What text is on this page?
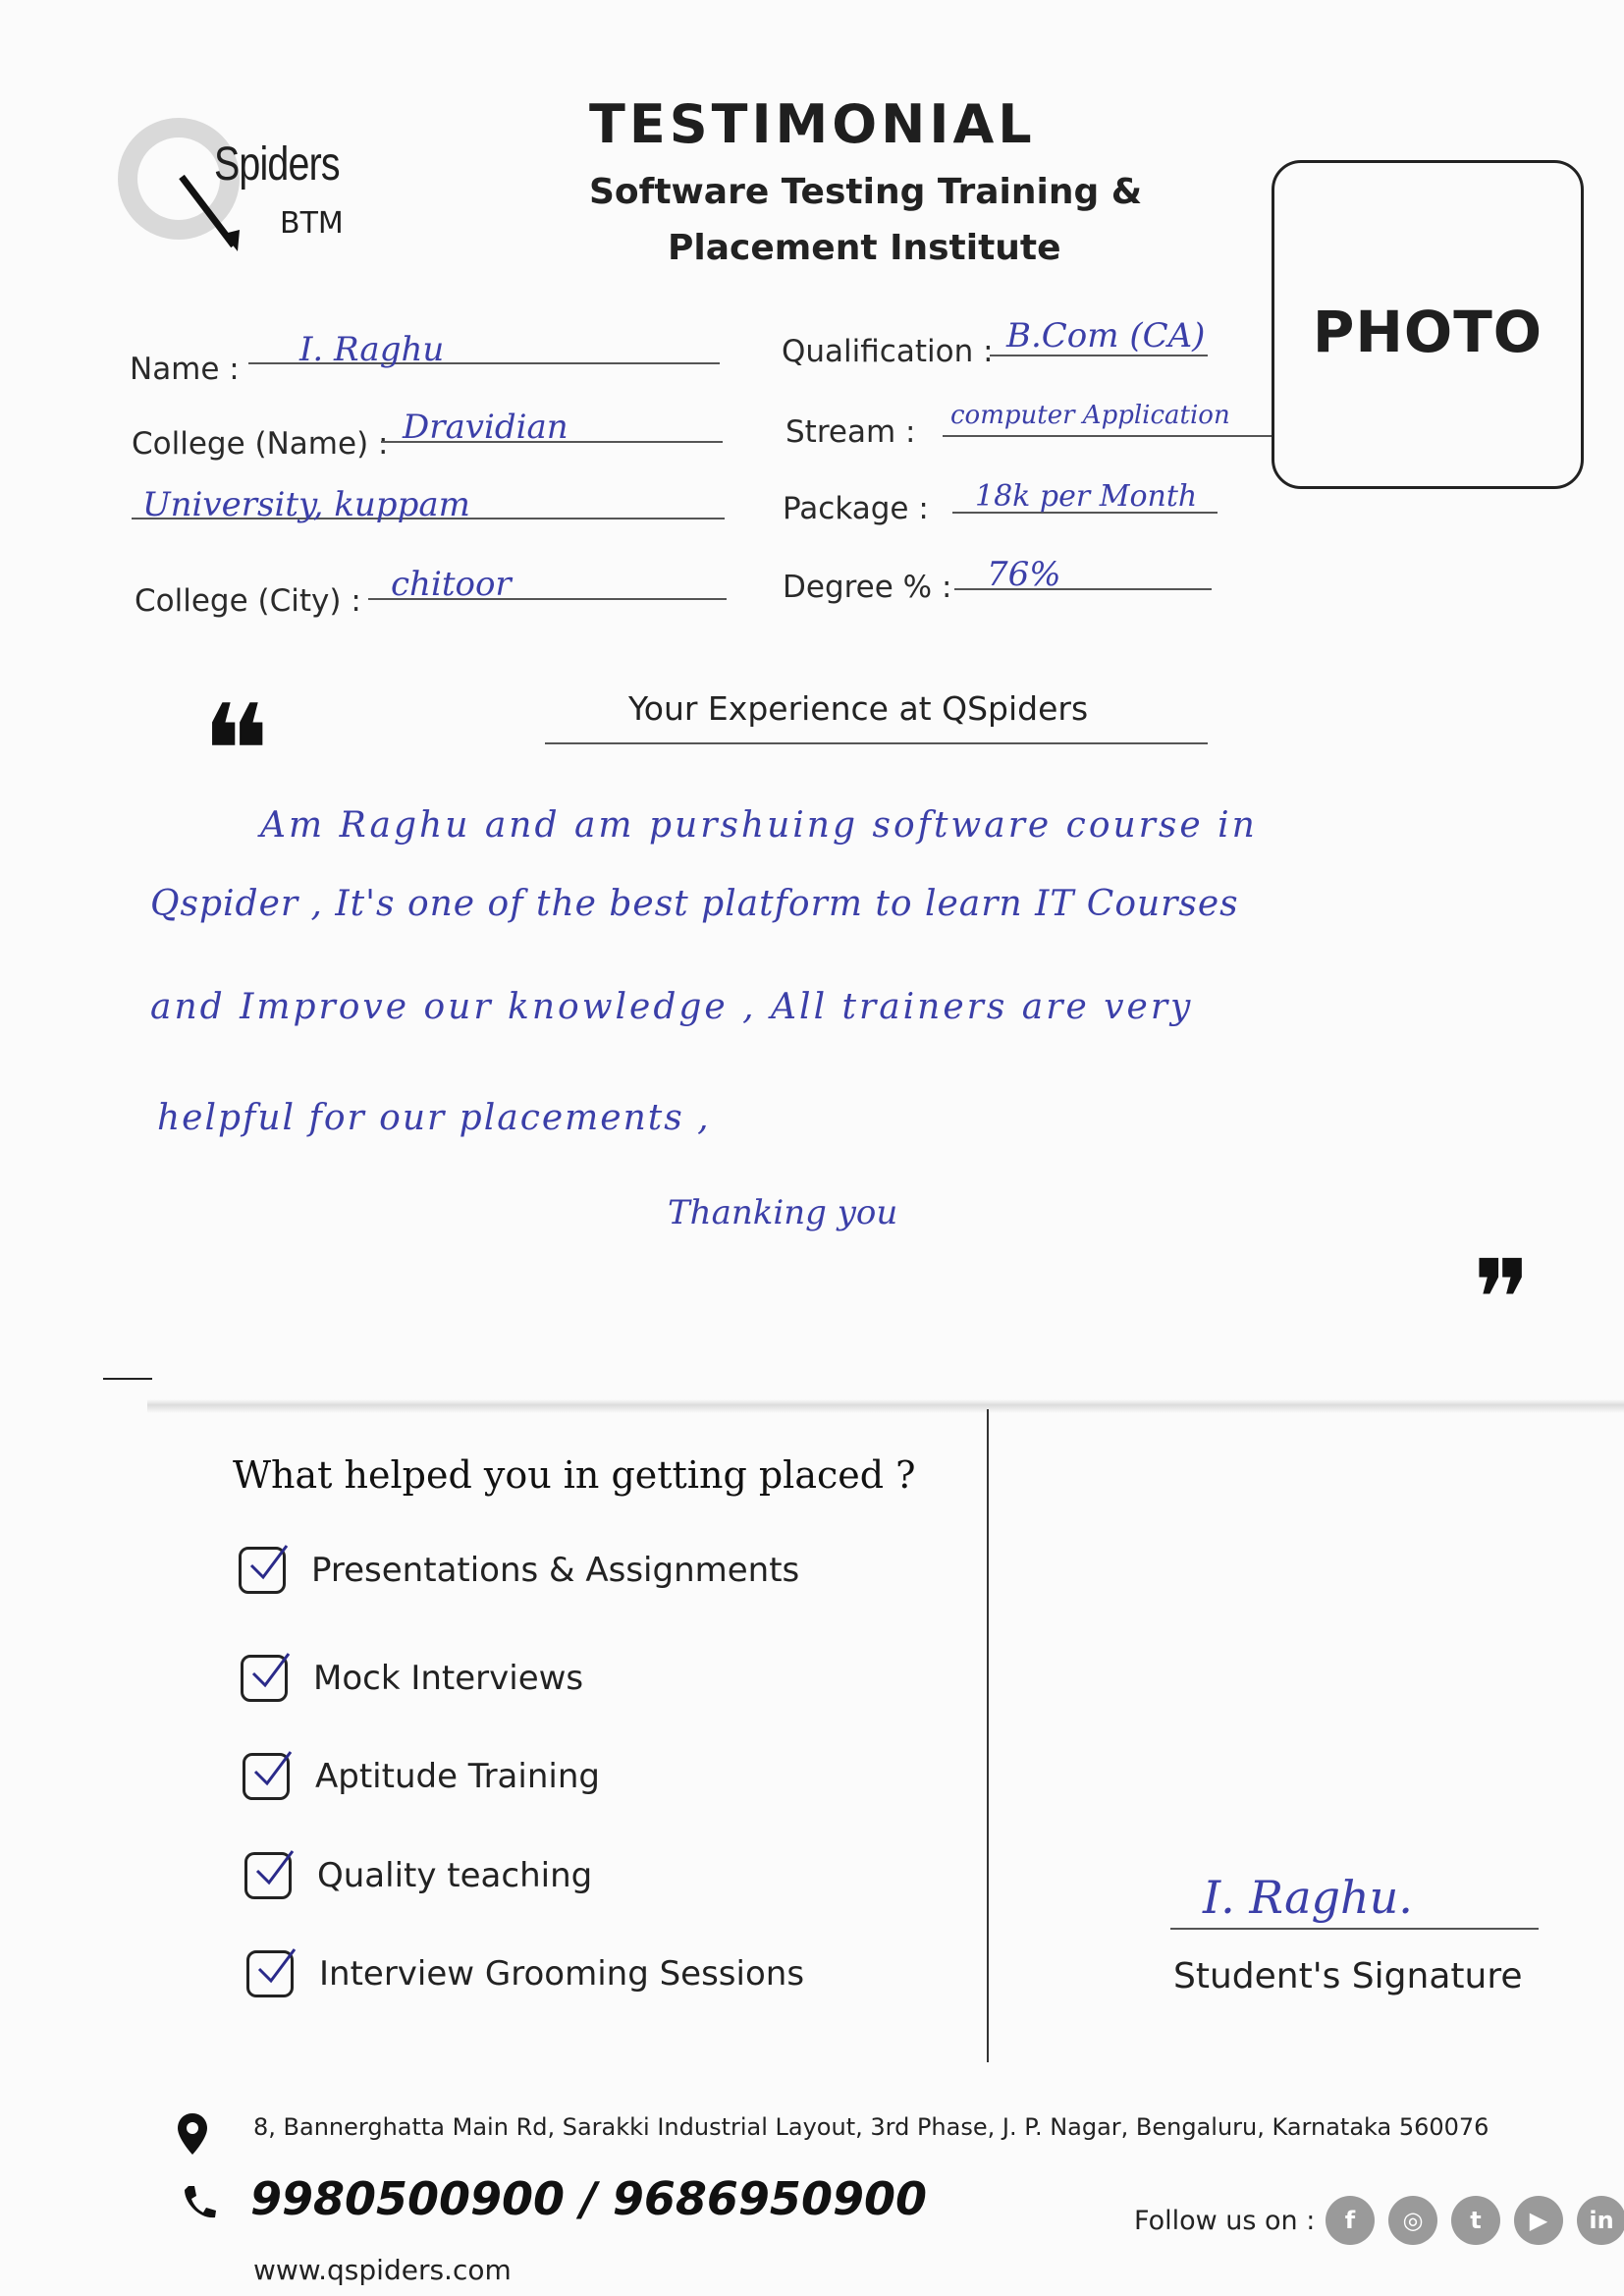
Spiders
BTM
TESTIMONIAL
Software Testing Training &
Placement Institute
PHOTO
Name : I. Raghu
College (Name) : Dravidian
University, kuppam
College (City) : chitoor
Qualification : B.Com (CA)
Stream : computer Application
Package : 18k per Month
Degree % : 76%
Your Experience at QSpiders
❝
Am Raghu and am purshuing software course in
Qspider , It's one of the best platform to learn IT Courses
and Improve our knowledge , All trainers are very
helpful for our placements ,
Thanking you
❞
What helped you in getting placed ?
Presentations & Assignments
Mock Interviews
Aptitude Training
Quality teaching
Interview Grooming Sessions
I. Raghu.
Student's Signature
8, Bannerghatta Main Rd, Sarakki Industrial Layout, 3rd Phase, J. P. Nagar, Bengaluru, Karnataka 560076
9980500900 / 9686950900
www.qspiders.com
Follow us on :	f	◎	t	▶	in
